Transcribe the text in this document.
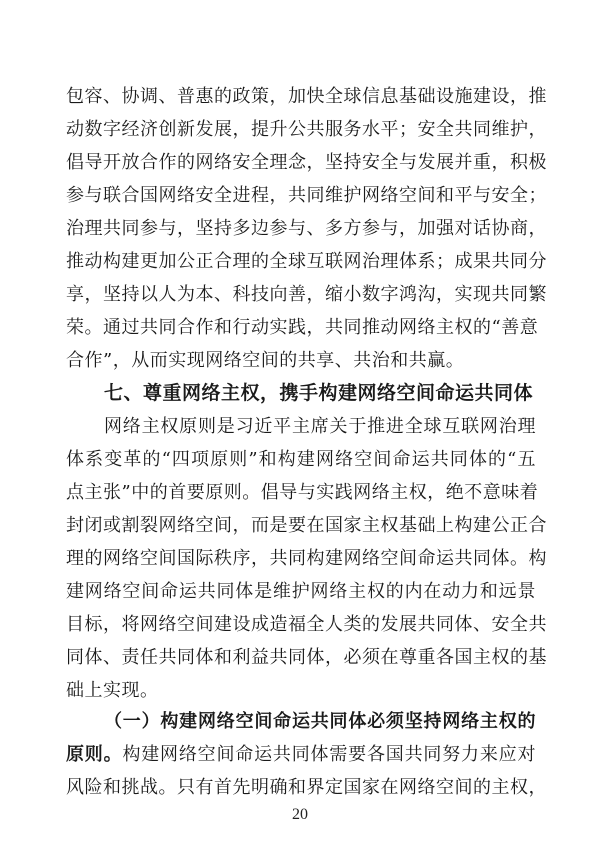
包容、协调、普惠的政策，加快全球信息基础设施建设，推
动数字经济创新发展，提升公共服务水平；安全共同维护，
倡导开放合作的网络安全理念，坚持安全与发展并重，积极
参与联合国网络安全进程，共同维护网络空间和平与安全；
治理共同参与，坚持多边参与、多方参与，加强对话协商，
推动构建更加公正合理的全球互联网治理体系；成果共同分
享，坚持以人为本、科技向善，缩小数字鸿沟，实现共同繁
荣。通过共同合作和行动实践，共同推动网络主权的“善意
合作”，从而实现网络空间的共享、共治和共赢。
七、尊重网络主权，携手构建网络空间命运共同体
网络主权原则是习近平主席关于推进全球互联网治理
体系变革的“四项原则”和构建网络空间命运共同体的“五
点主张”中的首要原则。倡导与实践网络主权，绝不意味着
封闭或割裂网络空间，而是要在国家主权基础上构建公正合
理的网络空间国际秩序，共同构建网络空间命运共同体。构
建网络空间命运共同体是维护网络主权的内在动力和远景
目标，将网络空间建设成造福全人类的发展共同体、安全共
同体、责任共同体和利益共同体，必须在尊重各国主权的基
础上实现。
（一）构建网络空间命运共同体必须坚持网络主权的
原则。构建网络空间命运共同体需要各国共同努力来应对
风险和挑战。只有首先明确和界定国家在网络空间的主权，
20
